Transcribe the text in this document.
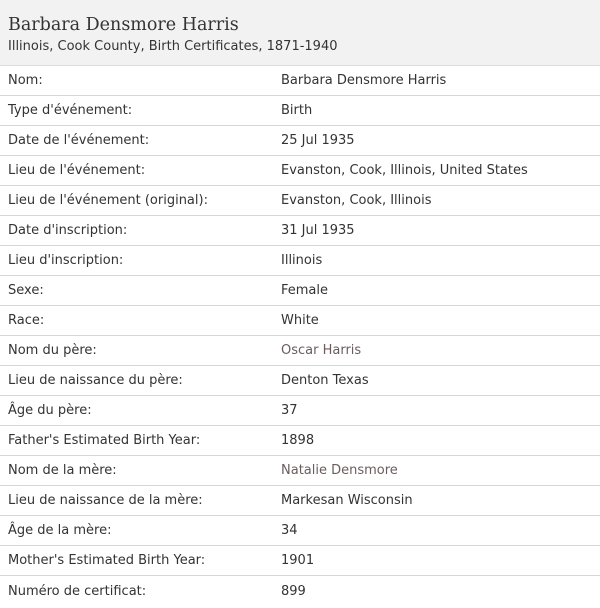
Barbara Densmore Harris
Illinois, Cook County, Birth Certificates, 1871-1940
Nom:	Barbara Densmore Harris
Type d'événement:	Birth
Date de l'événement:	25 Jul 1935
Lieu de l'événement:	Evanston, Cook, Illinois, United States
Lieu de l'événement (original):	Evanston, Cook, Illinois
Date d'inscription:	31 Jul 1935
Lieu d'inscription:	Illinois
Sexe:	Female
Race:	White
Nom du père:	Oscar Harris
Lieu de naissance du père:	Denton Texas
Âge du père:	37
Father's Estimated Birth Year:	1898
Nom de la mère:	Natalie Densmore
Lieu de naissance de la mère:	Markesan Wisconsin
Âge de la mère:	34
Mother's Estimated Birth Year:	1901
Numéro de certificat:	899
